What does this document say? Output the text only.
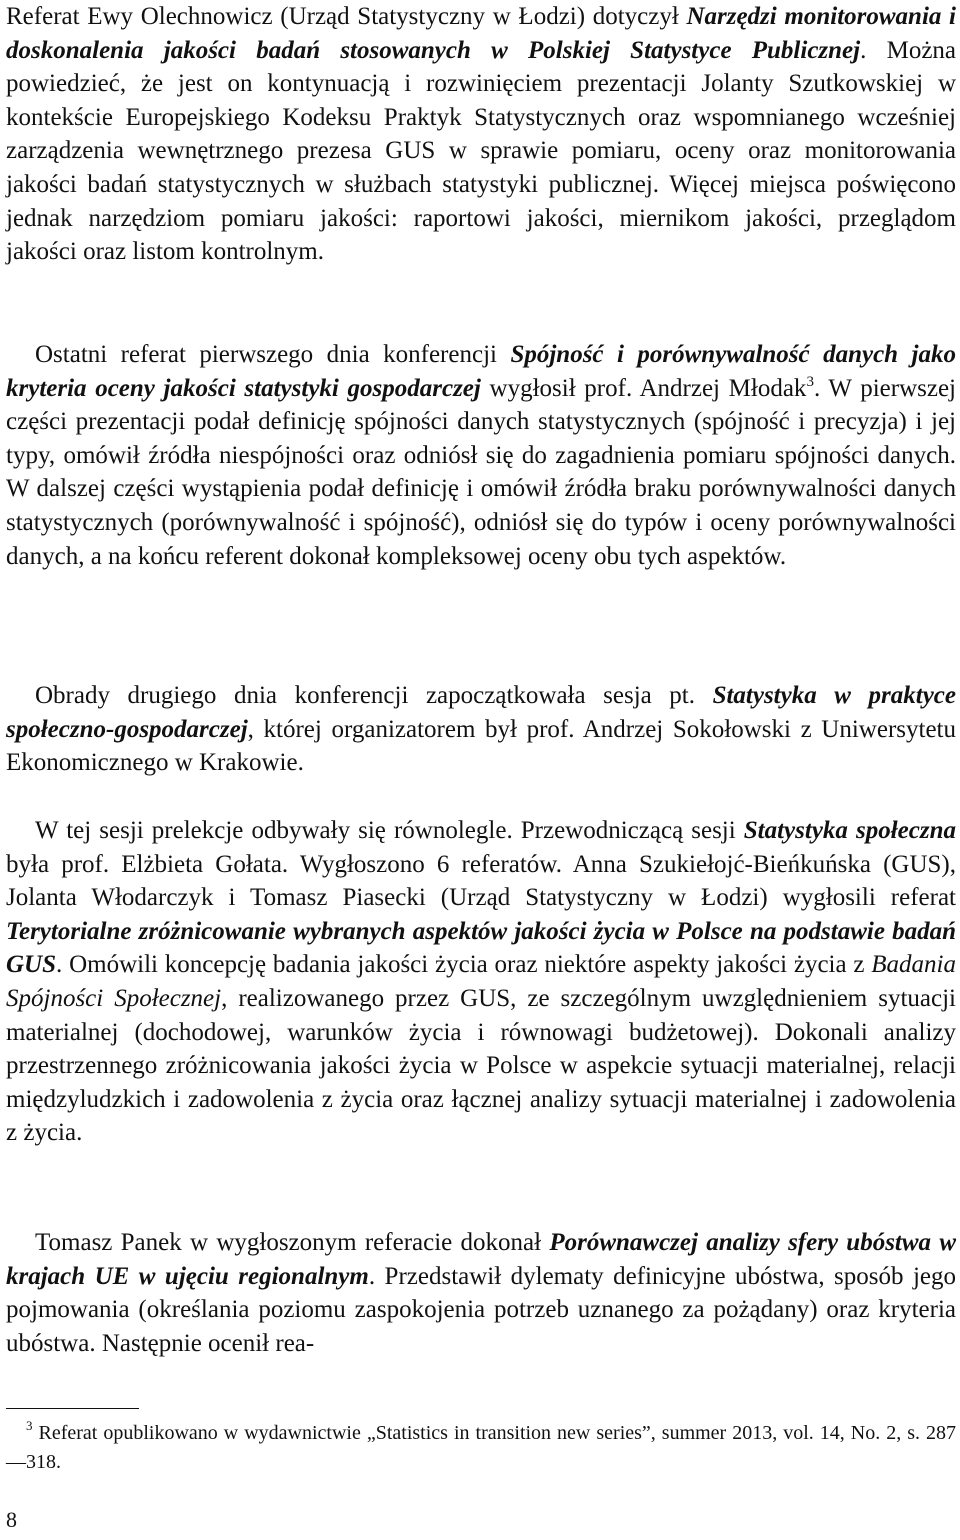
Referat Ewy Olechnowicz (Urząd Statystyczny w Łodzi) dotyczył Narzędzi monitorowania i doskonalenia jakości badań stosowanych w Polskiej Statystyce Publicznej. Można powiedzieć, że jest on kontynuacją i rozwinięciem prezentacji Jolanty Szutkowskiej w kontekście Europejskiego Kodeksu Praktyk Statystycznych oraz wspomnianego wcześniej zarządzenia wewnętrznego prezesa GUS w sprawie pomiaru, oceny oraz monitorowania jakości badań statystycznych w służbach statystyki publicznej. Więcej miejsca poświęcono jednak narzędziom pomiaru jakości: raportowi jakości, miernikom jakości, przeglądom jakości oraz listom kontrolnym.

Ostatni referat pierwszego dnia konferencji Spójność i porównywalność danych jako kryteria oceny jakości statystyki gospodarczej wygłosił prof. Andrzej Młodak$^3$. W pierwszej części prezentacji podał definicję spójności danych statystycznych (spójność i precyzja) i jej typy, omówił źródła niespójności oraz odniósł się do zagadnienia pomiaru spójności danych. W dalszej części wystąpienia podał definicję i omówił źródła braku porównywalności danych statystycznych (porównywalność i spójność), odniósł się do typów i oceny porównywalności danych, a na końcu referent dokonał kompleksowej oceny obu tych aspektów.

Obrady drugiego dnia konferencji zapoczątkowała sesja pt. Statystyka w praktyce społeczno-gospodarczej, której organizatorem był prof. Andrzej Sokołowski z Uniwersytetu Ekonomicznego w Krakowie.

W tej sesji prelekcje odbywały się równolegle. Przewodniczącą sesji Statystyka społeczna była prof. Elżbieta Gołata. Wygłoszono 6 referatów. Anna Szukiełojć-Bieńkuńska (GUS), Jolanta Włodarczyk i Tomasz Piasecki (Urząd Statystyczny w Łodzi) wygłosili referat Terytorialne zróżnicowanie wybranych aspektów jakości życia w Polsce na podstawie badań GUS. Omówili koncepcję badania jakości życia oraz niektóre aspekty jakości życia z Badania Spójności Społecznej, realizowanego przez GUS, ze szczególnym uwzględnieniem sytuacji materialnej (dochodowej, warunków życia i równowagi budżetowej). Dokonali analizy przestrzennego zróżnicowania jakości życia w Polsce w aspekcie sytuacji materialnej, relacji międzyludzkich i zadowolenia z życia oraz łącznej analizy sytuacji materialnej i zadowolenia z życia.

Tomasz Panek w wygłoszonym referacie dokonał Porównawczej analizy sfery ubóstwa w krajach UE w ujęciu regionalnym. Przedstawił dylematy definicyjne ubóstwa, sposób jego pojmowania (określania poziomu zaspokojenia potrzeb uznanego za pożądany) oraz kryteria ubóstwa. Następnie ocenił rea-

$^3$ Referat opublikowano w wydawnictwie „Statistics in transition new series”, summer 2013, vol. 14, No. 2, s. 287—318.
8
